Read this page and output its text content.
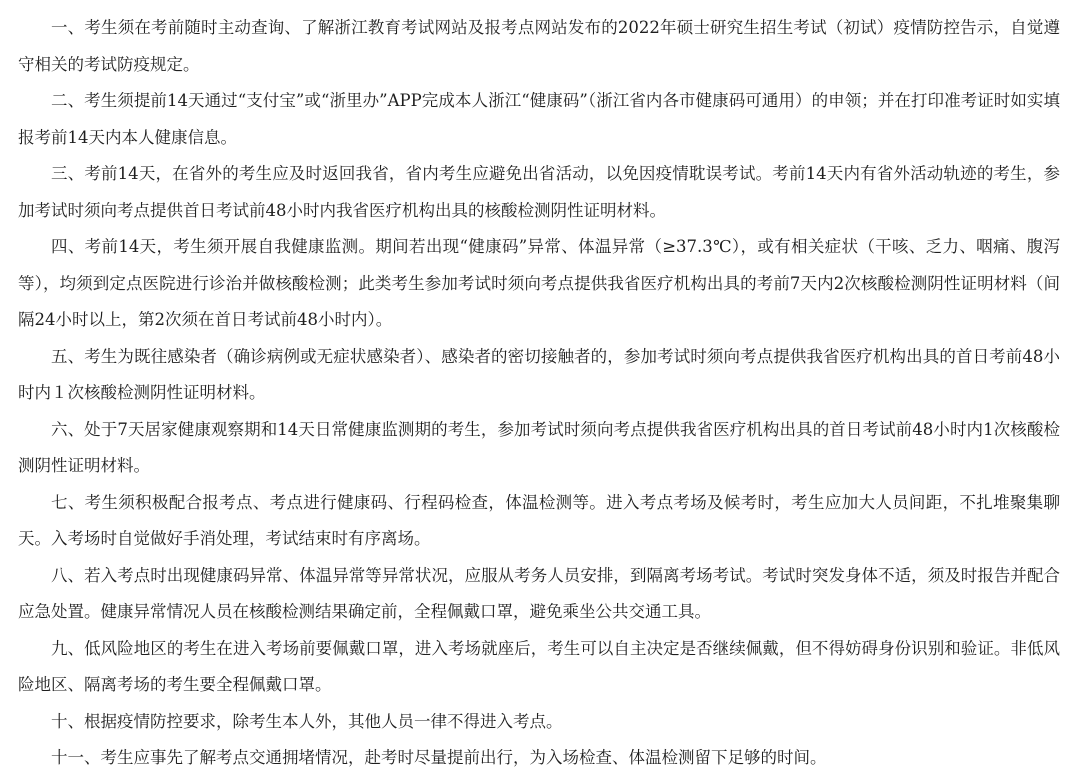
一、考生须在考前随时主动查询、了解浙江教育考试网站及报考点网站发布的2022年硕士研究生招生考试（初试）疫情防控告示，自觉遵守相关的考试防疫规定。

二、考生须提前14天通过“支付宝”或“浙里办”APP完成本人浙江“健康码”（浙江省内各市健康码可通用）的申领；并在打印准考证时如实填报考前14天内本人健康信息。

三、考前14天，在省外的考生应及时返回我省，省内考生应避免出省活动，以免因疫情耽误考试。考前14天内有省外活动轨迹的考生，参加考试时须向考点提供首日考试前48小时内我省医疗机构出具的核酸检测阴性证明材料。

四、考前14天，考生须开展自我健康监测。期间若出现“健康码”异常、体温异常（≥37.3℃），或有相关症状（干咳、乏力、咽痛、腹泻等），均须到定点医院进行诊治并做核酸检测；此类考生参加考试时须向考点提供我省医疗机构出具的考前7天内2次核酸检测阴性证明材料（间隔24小时以上，第2次须在首日考试前48小时内）。

五、考生为既往感染者（确诊病例或无症状感染者）、感染者的密切接触者的，参加考试时须向考点提供我省医疗机构出具的首日考前48小时内１次核酸检测阴性证明材料。

六、处于7天居家健康观察期和14天日常健康监测期的考生，参加考试时须向考点提供我省医疗机构出具的首日考试前48小时内1次核酸检测阴性证明材料。

七、考生须积极配合报考点、考点进行健康码、行程码检查，体温检测等。进入考点考场及候考时，考生应加大人员间距，不扎堆聚集聊天。入考场时自觉做好手消处理，考试结束时有序离场。

八、若入考点时出现健康码异常、体温异常等异常状况，应服从考务人员安排，到隔离考场考试。考试时突发身体不适，须及时报告并配合应急处置。健康异常情况人员在核酸检测结果确定前，全程佩戴口罩，避免乘坐公共交通工具。

九、低风险地区的考生在进入考场前要佩戴口罩，进入考场就座后，考生可以自主决定是否继续佩戴，但不得妨碍身份识别和验证。非低风险地区、隔离考场的考生要全程佩戴口罩。

十、根据疫情防控要求，除考生本人外，其他人员一律不得进入考点。

十一、考生应事先了解考点交通拥堵情况，赴考时尽量提前出行，为入场检查、体温检测留下足够的时间。
